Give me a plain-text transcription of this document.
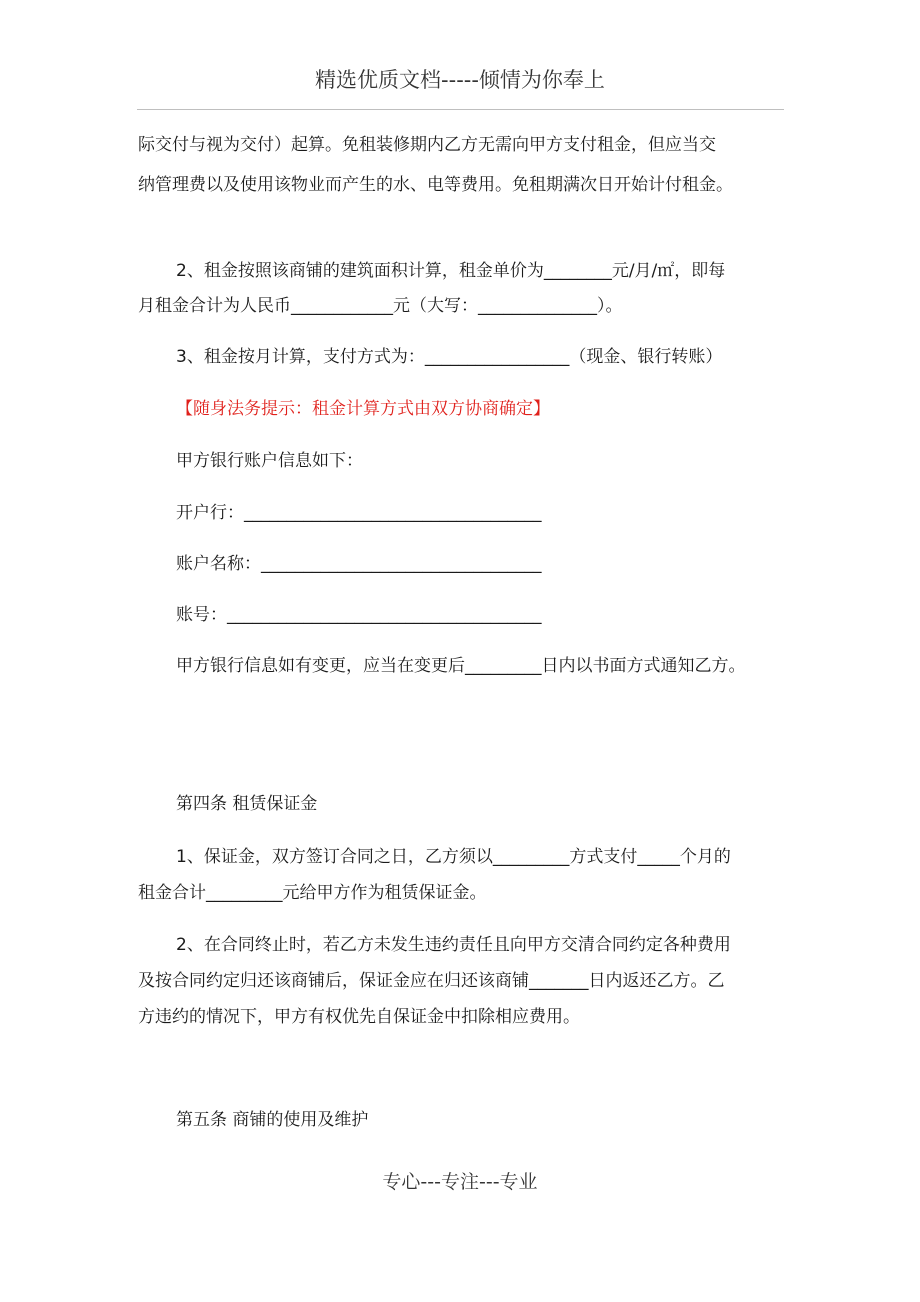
精选优质文档-----倾情为你奉上
际交付与视为交付）起算。免租装修期内乙方无需向甲方支付租金，但应当交
纳管理费以及使用该物业而产生的水、电等费用。免租期满次日开始计付租金。
2、租金按照该商铺的建筑面积计算，租金单价为________元/月/㎡，即每
月租金合计为人民币____________元（大写：______________）。
3、租金按月计算，支付方式为：_________________（现金、银行转账）
【随身法务提示：租金计算方式由双方协商确定】
甲方银行账户信息如下：
开户行：___________________________________
账户名称：_________________________________
账号：_____________________________________
甲方银行信息如有变更，应当在变更后_________日内以书面方式通知乙方。
第四条 租赁保证金
1、保证金，双方签订合同之日，乙方须以_________方式支付_____个月的
租金合计_________元给甲方作为租赁保证金。
2、在合同终止时，若乙方未发生违约责任且向甲方交清合同约定各种费用
及按合同约定归还该商铺后，保证金应在归还该商铺_______日内返还乙方。乙
方违约的情况下，甲方有权优先自保证金中扣除相应费用。
第五条 商铺的使用及维护
专心---专注---专业
